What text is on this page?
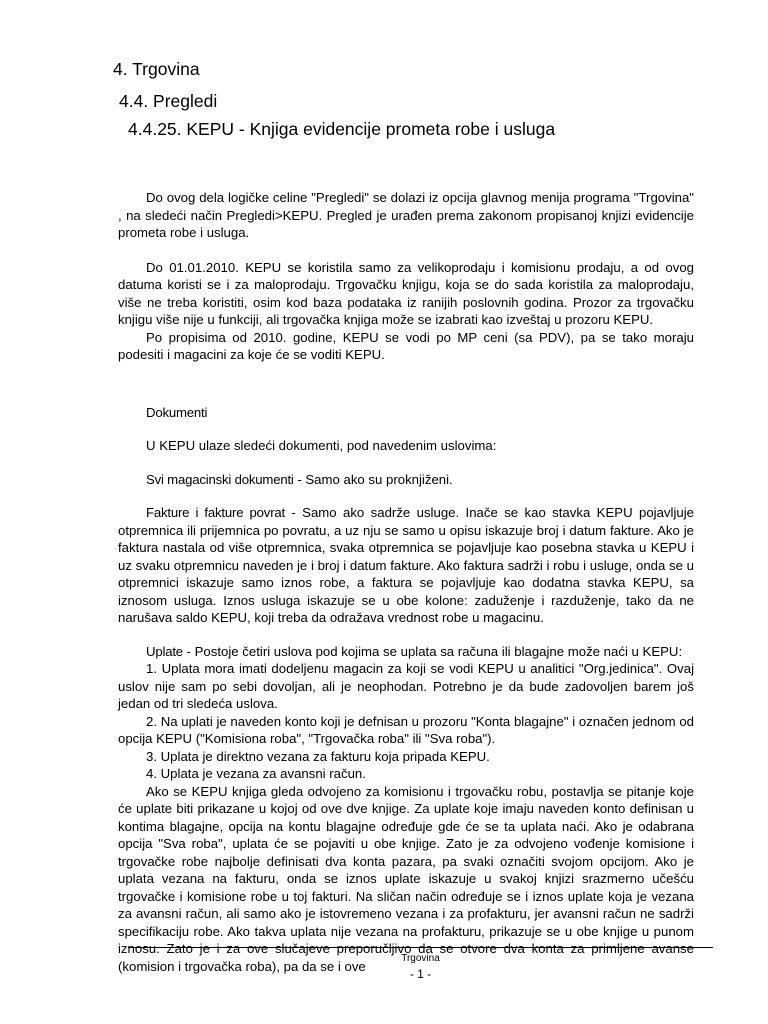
4. Trgovina
4.4. Pregledi
4.4.25. KEPU - Knjiga evidencije prometa robe i usluga

Do ovog dela logičke celine "Pregledi" se dolazi iz opcija glavnog menija programa "Trgovina" , na sledeći način Pregledi>KEPU. Pregled je urađen prema zakonom propisanoj knjizi evidencije prometa robe i usluga.

Do 01.01.2010. KEPU se koristila samo za velikoprodaju i komisionu prodaju, a od ovog datuma koristi se i za maloprodaju. Trgovačku knjigu, koja se do sada koristila za maloprodaju, više ne treba koristiti, osim kod baza podataka iz ranijih poslovnih godina. Prozor za trgovačku knjigu više nije u funkciji, ali trgovačka knjiga može se izabrati kao izveštaj u prozoru KEPU.

Po propisima od 2010. godine, KEPU se vodi po MP ceni (sa PDV), pa se tako moraju podesiti i magacini za koje će se voditi KEPU.

Dokumenti

U KEPU ulaze sledeći dokumenti, pod navedenim uslovima:

Svi magacinski dokumenti - Samo ako su proknjiženi.

Fakture i fakture povrat - Samo ako sadrže usluge. Inače se kao stavka KEPU pojavljuje otpremnica ili prijemnica po povratu, a uz nju se samo u opisu iskazuje broj i datum fakture. Ako je faktura nastala od više otpremnica, svaka otpremnica se pojavljuje kao posebna stavka u KEPU i uz svaku otpremnicu naveden je i broj i datum fakture. Ako faktura sadrži i robu i usluge, onda se u otpremnici iskazuje samo iznos robe, a faktura se pojavljuje kao dodatna stavka KEPU, sa iznosom usluga. Iznos usluga iskazuje se u obe kolone: zaduženje i razduženje, tako da ne narušava saldo KEPU, koji treba da odražava vrednost robe u magacinu.

Uplate - Postoje četiri uslova pod kojima se uplata sa računa ili blagajne može naći u KEPU:

1. Uplata mora imati dodeljenu magacin za koji se vodi KEPU u analitici "Org.jedinica". Ovaj uslov nije sam po sebi dovoljan, ali je neophodan. Potrebno je da bude zadovoljen barem još jedan od tri sledeća uslova.

2. Na uplati je naveden konto koji je defnisan u prozoru "Konta blagajne" i označen jednom od opcija KEPU ("Komisiona roba", "Trgovačka roba" ili "Sva roba").

3. Uplata je direktno vezana za fakturu koja pripada KEPU.

4. Uplata je vezana za avansni račun.

Ako se KEPU knjiga gleda odvojeno za komisionu i trgovačku robu, postavlja se pitanje koje će uplate biti prikazane u kojoj od ove dve knjige. Za uplate koje imaju naveden konto definisan u kontima blagajne, opcija na kontu blagajne određuje gde će se ta uplata naći. Ako je odabrana opcija "Sva roba", uplata će se pojaviti u obe knjige. Zato je za odvojeno vođenje komisione i trgovačke robe najbolje definisati dva konta pazara, pa svaki označiti svojom opcijom. Ako je uplata vezana na fakturu, onda se iznos uplate iskazuje u svakoj knjizi srazmerno učešću trgovačke i komisione robe u toj fakturi. Na sličan način određuje se i iznos uplate koja je vezana za avansni račun, ali samo ako je istovremeno vezana i za profakturu, jer avansni račun ne sadrži specifikaciju robe. Ako takva uplata nije vezana na profakturu, prikazuje se u obe knjige u punom iznosu. Zato je i za ove slučajeve preporučljivo da se otvore dva konta za primljene avanse (komision i trgovačka roba), pa da se i ove	Trgovina
- 1 -
